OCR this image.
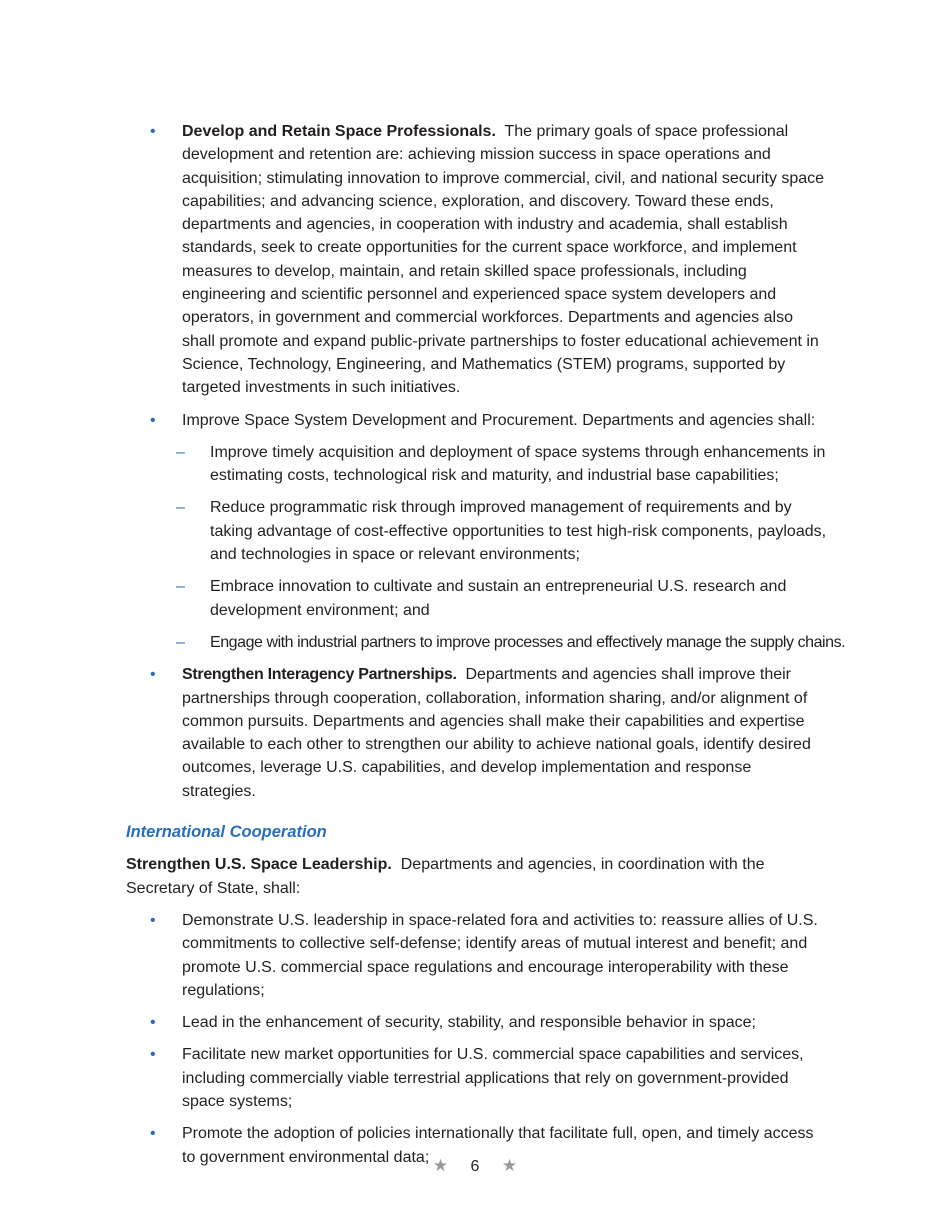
• Develop and Retain Space Professionals. The primary goals of space professional development and retention are: achieving mission success in space operations and acquisition; stimulating innovation to improve commercial, civil, and national security space capabilities; and advancing science, exploration, and discovery. Toward these ends, departments and agencies, in cooperation with industry and academia, shall establish standards, seek to create opportunities for the current space workforce, and implement measures to develop, maintain, and retain skilled space professionals, including engineering and scientific personnel and experienced space system developers and operators, in government and commercial workforces. Departments and agencies also shall promote and expand public-private partnerships to foster educational achievement in Science, Technology, Engineering, and Mathematics (STEM) programs, supported by targeted investments in such initiatives.
• Improve Space System Development and Procurement. Departments and agencies shall:
– Improve timely acquisition and deployment of space systems through enhancements in estimating costs, technological risk and maturity, and industrial base capabilities;
– Reduce programmatic risk through improved management of requirements and by taking advantage of cost-effective opportunities to test high-risk components, payloads, and technologies in space or relevant environments;
– Embrace innovation to cultivate and sustain an entrepreneurial U.S. research and development environment; and
– Engage with industrial partners to improve processes and effectively manage the supply chains.
• Strengthen Interagency Partnerships. Departments and agencies shall improve their partnerships through cooperation, collaboration, information sharing, and/or alignment of common pursuits. Departments and agencies shall make their capabilities and expertise available to each other to strengthen our ability to achieve national goals, identify desired outcomes, leverage U.S. capabilities, and develop implementation and response strategies.
International Cooperation
Strengthen U.S. Space Leadership. Departments and agencies, in coordination with the Secretary of State, shall:
• Demonstrate U.S. leadership in space-related fora and activities to: reassure allies of U.S. commitments to collective self-defense; identify areas of mutual interest and benefit; and promote U.S. commercial space regulations and encourage interoperability with these regulations;
• Lead in the enhancement of security, stability, and responsible behavior in space;
• Facilitate new market opportunities for U.S. commercial space capabilities and services, including commercially viable terrestrial applications that rely on government-provided space systems;
• Promote the adoption of policies internationally that facilitate full, open, and timely access to government environmental data; ★ 6 ★
